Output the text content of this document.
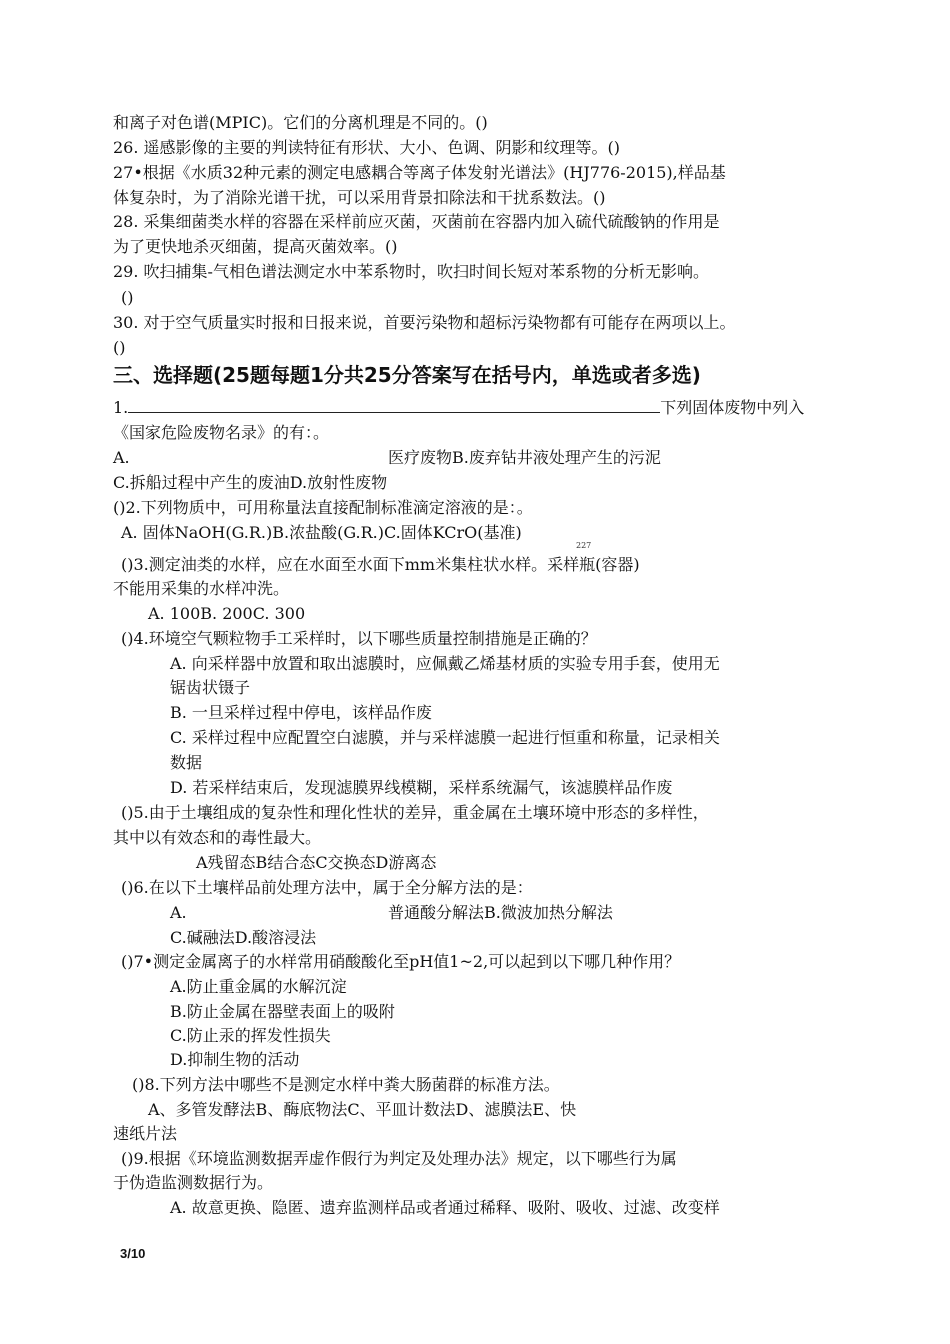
和离子对色谱(MPIC)。它们的分离机理是不同的。()

26. 遥感影像的主要的判读特征有形状、大小、色调、阴影和纹理等。()

27•根据《水质32种元素的测定电感耦合等离子体发射光谱法》(HJ776-2015),样品基

体复杂时，为了消除光谱干扰，可以采用背景扣除法和干扰系数法。()

28. 采集细菌类水样的容器在采样前应灭菌，灭菌前在容器内加入硫代硫酸钠的作用是

为了更快地杀灭细菌，提高灭菌效率。()

29. 吹扫捕集-气相色谱法测定水中苯系物时，吹扫时间长短对苯系物的分析无影响。

()

30. 对于空气质量实时报和日报来说，首要污染物和超标污染物都有可能存在两项以上。

()

三、选择题(25题每题1分共25分答案写在括号内，单选或者多选)

1.	下列固体废物中列入

《国家危险废物名录》的有：。

A.	医疗废物B.废弃钻井液处理产生的污泥

C.拆船过程中产生的废油D.放射性废物

()2.下列物质中，可用称量法直接配制标准滴定溶液的是：。

A. 固体NaOH(G.R.)B.浓盐酸(G.R.)C.固体KCrO(基准)

227

()3.测定油类的水样，应在水面至水面下mm米集柱状水样。采样瓶(容器)

不能用采集的水样冲洗。

A. 100B. 200C. 300

()4.环境空气颗粒物手工采样时，以下哪些质量控制措施是正确的？

A. 向采样器中放置和取出滤膜时，应佩戴乙烯基材质的实验专用手套，使用无

锯齿状镊子

B. 一旦采样过程中停电，该样品作废

C. 采样过程中应配置空白滤膜，并与采样滤膜一起进行恒重和称量，记录相关

数据

D. 若采样结束后，发现滤膜界线模糊，采样系统漏气，该滤膜样品作废

()5.由于土壤组成的复杂性和理化性状的差异，重金属在土壤环境中形态的多样性，

其中以有效态和的毒性最大。

A残留态B结合态C交换态D游离态

()6.在以下土壤样品前处理方法中，属于全分解方法的是：

A.	普通酸分解法B.微波加热分解法

C.碱融法D.酸溶浸法

()7•测定金属离子的水样常用硝酸酸化至pH值1~2,可以起到以下哪几种作用？

A.防止重金属的水解沉淀

B.防止金属在器壁表面上的吸附

C.防止汞的挥发性损失

D.抑制生物的活动

()8.下列方法中哪些不是测定水样中粪大肠菌群的标准方法。

A、多管发酵法B、酶底物法C、平皿计数法D、滤膜法E、快

速纸片法

()9.根据《环境监测数据弄虚作假行为判定及处理办法》规定，以下哪些行为属

于伪造监测数据行为。

A. 故意更换、隐匿、遗弃监测样品或者通过稀释、吸附、吸收、过滤、改变样

3/10
